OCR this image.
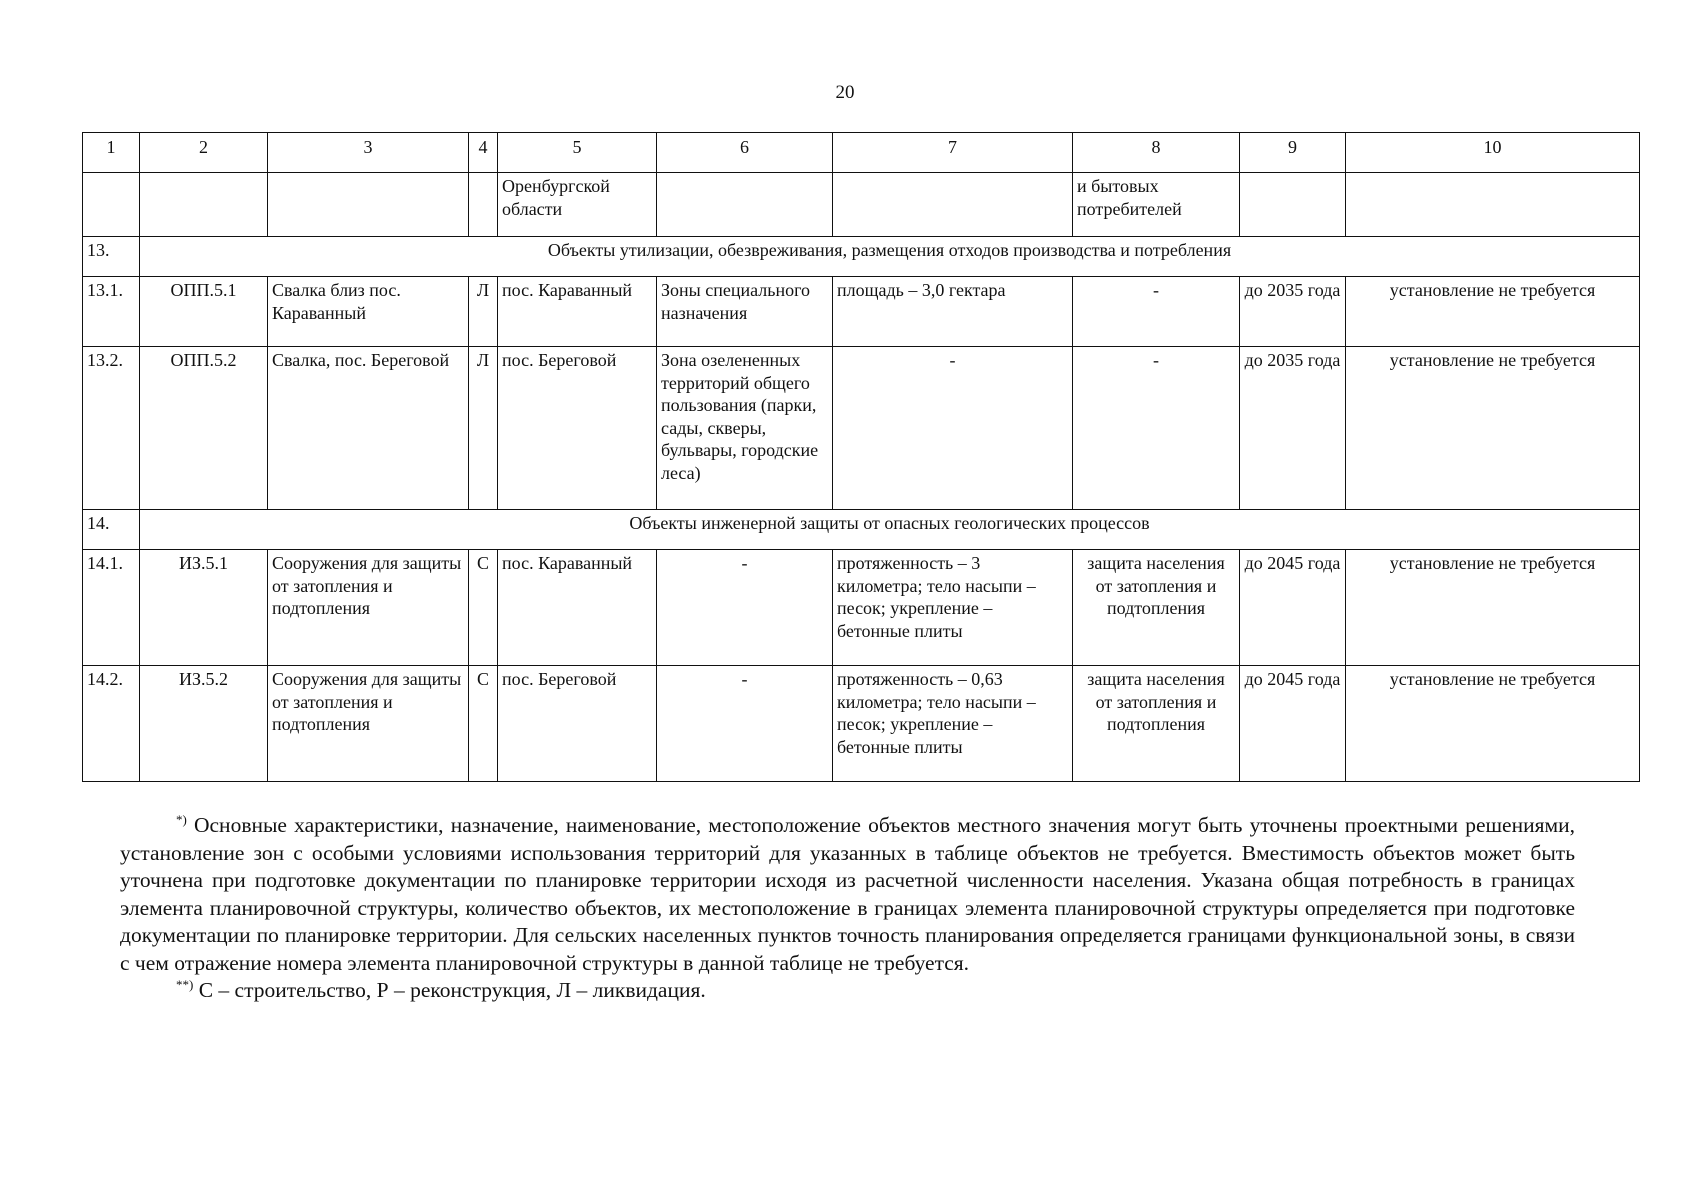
20
1	2	3	4	5	6	7	8	9	10
				Оренбургской области			и бытовых потребителей		
13.	Объекты утилизации, обезвреживания, размещения отходов производства и потребления								
13.1.	ОПП.5.1	Свалка близ пос. Караванный	Л	пос. Караванный	Зоны специального назначения	площадь – 3,0 гектара	-	до 2035 года	установление не требуется
13.2.	ОПП.5.2	Свалка, пос. Береговой	Л	пос. Береговой	Зона озелененных территорий общего пользования (парки, сады, скверы, бульвары, городские леса)	-	-	до 2035 года	установление не требуется
14.	Объекты инженерной защиты от опасных геологических процессов								
14.1.	ИЗ.5.1	Сооружения для защиты от затопления и подтопления	С	пос. Караванный	-	протяженность – 3 километра; тело насыпи – песок; укрепление – бетонные плиты	защита населения от затопления и подтопления	до 2045 года	установление не требуется
14.2.	ИЗ.5.2	Сооружения для защиты от затопления и подтопления	С	пос. Береговой	-	протяженность – 0,63 километра; тело насыпи – песок; укрепление – бетонные плиты	защита населения от затопления и подтопления	до 2045 года	установление не требуется

*) Основные характеристики, назначение, наименование, местоположение объектов местного значения могут быть уточнены проектными решениями, установление зон с особыми условиями использования территорий для указанных в таблице объектов не требуется. Вместимость объектов может быть уточнена при подготовке документации по планировке территории исходя из расчетной численности населения. Указана общая потребность в границах элемента планировочной структуры, количество объектов, их местоположение в границах элемента планировочной структуры определяется при подготовке документации по планировке территории. Для сельских населенных пунктов точность планирования определяется границами функциональной зоны, в связи с чем отражение номера элемента планировочной структуры в данной таблице не требуется.

**) С – строительство, Р – реконструкция, Л – ликвидация.
